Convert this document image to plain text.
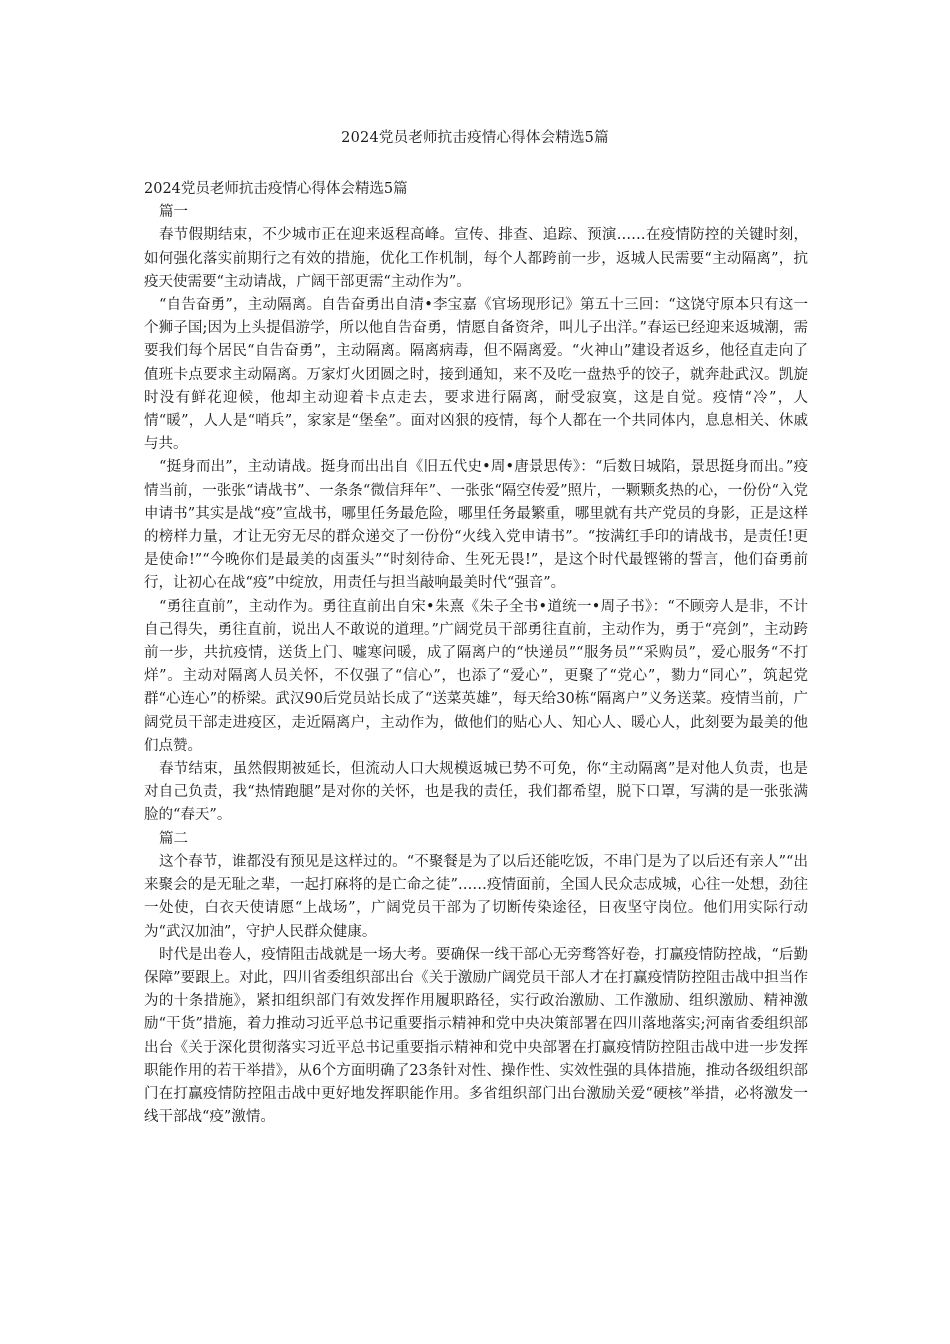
2024党员老师抗击疫情心得体会精选5篇

2024党员老师抗击疫情心得体会精选5篇

篇一

春节假期结束，不少城市正在迎来返程高峰。宣传、排查、追踪、预演……在疫情防控的关键时刻，如何强化落实前期行之有效的措施，优化工作机制，每个人都跨前一步，返城人民需要“主动隔离”，抗疫天使需要“主动请战，广阔干部更需“主动作为”。

“自告奋勇”，主动隔离。自告奋勇出自清•李宝嘉《官场现形记》第五十三回：“这饶守原本只有这一个狮子国;因为上头提倡游学，所以他自告奋勇，情愿自备资斧，叫儿子出洋。”春运已经迎来返城潮，需要我们每个居民“自告奋勇”，主动隔离。隔离病毒，但不隔离爱。“火神山”建设者返乡，他径直走向了值班卡点要求主动隔离。万家灯火团圆之时，接到通知，来不及吃一盘热乎的饺子，就奔赴武汉。凯旋时没有鲜花迎候，他却主动迎着卡点走去，要求进行隔离，耐受寂寞，这是自觉。疫情“冷”，人情“暖”，人人是“哨兵”，家家是“堡垒”。面对凶狠的疫情，每个人都在一个共同体内，息息相关、休戚与共。

“挺身而出”，主动请战。挺身而出出自《旧五代史•周•唐景思传》：“后数日城陷，景思挺身而出。”疫情当前，一张张“请战书”、一条条“微信拜年”、一张张“隔空传爱”照片，一颗颗炙热的心，一份份“入党申请书”其实是战“疫”宣战书，哪里任务最危险，哪里任务最繁重，哪里就有共产党员的身影，正是这样的榜样力量，才让无穷无尽的群众递交了一份份“火线入党申请书”。“按满红手印的请战书，是责任!更是使命!”“今晚你们是最美的卤蛋头”“时刻待命、生死无畏!”，是这个时代最铿锵的誓言，他们奋勇前行，让初心在战“疫”中绽放，用责任与担当敲响最美时代“强音”。

“勇往直前”，主动作为。勇往直前出自宋•朱熹《朱子全书•道统一•周子书》：“不顾旁人是非，不计自己得失，勇往直前，说出人不敢说的道理。”广阔党员干部勇往直前，主动作为，勇于“亮剑”，主动跨前一步，共抗疫情，送货上门、嘘寒问暖，成了隔离户的“快递员”“服务员”“采购员”，爱心服务“不打烊”。主动对隔离人员关怀，不仅强了“信心”，也添了“爱心”，更聚了“党心”，勠力“同心”，筑起党群“心连心”的桥梁。武汉90后党员站长成了“送菜英雄”，每天给30栋“隔离户”义务送菜。疫情当前，广阔党员干部走进疫区，走近隔离户，主动作为，做他们的贴心人、知心人、暖心人，此刻要为最美的他们点赞。

春节结束，虽然假期被延长，但流动人口大规模返城已势不可免，你“主动隔离”是对他人负责，也是对自己负责，我“热情跑腿”是对你的关怀，也是我的责任，我们都希望，脱下口罩，写满的是一张张满脸的“春天”。

篇二

这个春节，谁都没有预见是这样过的。“不聚餐是为了以后还能吃饭，不串门是为了以后还有亲人”“出来聚会的是无耻之辈，一起打麻将的是亡命之徒”……疫情面前，全国人民众志成城，心往一处想，劲往一处使，白衣天使请愿“上战场”，广阔党员干部为了切断传染途径，日夜坚守岗位。他们用实际行动为“武汉加油”，守护人民群众健康。

时代是出卷人，疫情阻击战就是一场大考。要确保一线干部心无旁骛答好卷，打赢疫情防控战，“后勤保障”要跟上。对此，四川省委组织部出台《关于激励广阔党员干部人才在打赢疫情防控阻击战中担当作为的十条措施》，紧扣组织部门有效发挥作用履职路径，实行政治激励、工作激励、组织激励、精神激励“干货”措施，着力推动习近平总书记重要指示精神和党中央决策部署在四川落地落实;河南省委组织部出台《关于深化贯彻落实习近平总书记重要指示精神和党中央部署在打赢疫情防控阻击战中进一步发挥职能作用的若干举措》，从6个方面明确了23条针对性、操作性、实效性强的具体措施，推动各级组织部门在打赢疫情防控阻击战中更好地发挥职能作用。多省组织部门出台激励关爱“硬核”举措，必将激发一线干部战“疫”激情。
